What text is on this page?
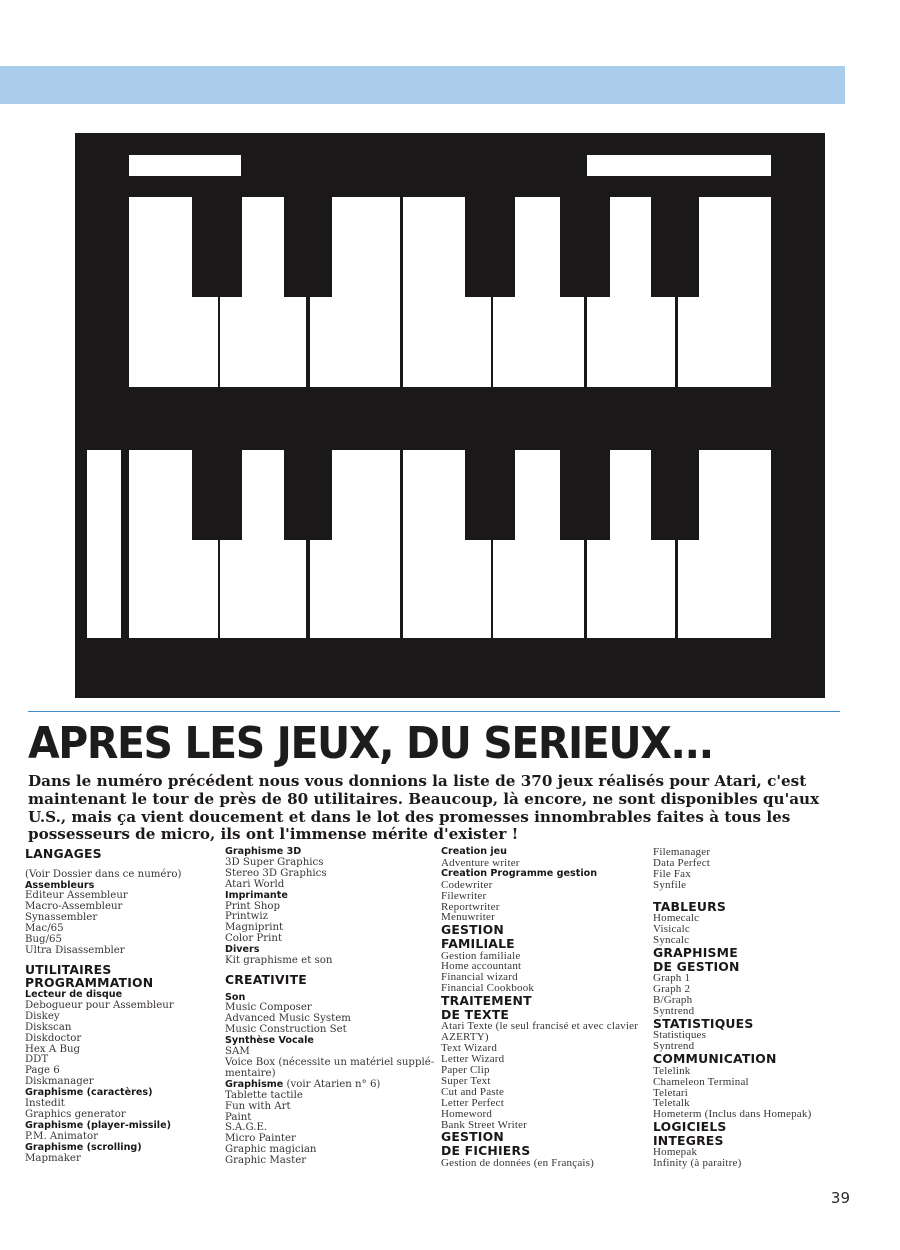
APRES LES JEUX, DU SERIEUX...
Dans le numéro précédent nous vous donnions la liste de 370 jeux réalisés pour Atari, c'est maintenant le tour de près de 80 utilitaires. Beaucoup, là encore, ne sont disponibles qu'aux U.S., mais ça vient doucement et dans le lot des promesses innombrables faites à tous les possesseurs de micro, ils ont l'immense mérite d'exister !
LANGAGES
(Voir Dossier dans ce numéro)
Assembleurs
Editeur Assembleur
Macro-Assembleur
Synassembler
Mac/65
Bug/65
Ultra Disassembler
UTILITAIRES
PROGRAMMATION
Lecteur de disque
Debogueur pour Assembleur
Diskey
Diskscan
Diskdoctor
Hex A Bug
DDT
Page 6
Diskmanager
Graphisme (caractères)
Instedit
Graphics generator
Graphisme (player-missile)
P.M. Animator
Graphisme (scrolling)
Mapmaker
Graphisme 3D
3D Super Graphics
Stereo 3D Graphics
Atari World
Imprimante
Print Shop
Printwiz
Magniprint
Color Print
Divers
Kit graphisme et son
CREATIVITE
Son
Music Composer
Advanced Music System
Music Construction Set
Synthèse Vocale
SAM
Voice Box (nécessite un matériel supplé-
mentaire)
Graphisme (voir Atarien n° 6)
Tablette tactile
Fun with Art
Paint
S.A.G.E.
Micro Painter
Graphic magician
Graphic Master
Creation jeu
Adventure writer
Creation Programme gestion
Codewriter
Filewriter
Reportwriter
Menuwriter
GESTION
FAMILIALE
Gestion familiale
Home accountant
Financial wizard
Financial Cookbook
TRAITEMENT
DE TEXTE
Atari Texte (le seul francisé et avec clavier
AZERTY)
Text Wizard
Letter Wizard
Paper Clip
Super Text
Cut and Paste
Letter Perfect
Homeword
Bank Street Writer
GESTION
DE FICHIERS
Gestion de données (en Français)
Filemanager
Data Perfect
File Fax
Synfile
TABLEURS
Homecalc
Visicalc
Syncalc
GRAPHISME
DE GESTION
Graph 1
Graph 2
B/Graph
Syntrend
STATISTIQUES
Statistiques
Syntrend
COMMUNICATION
Telelink
Chameleon Terminal
Teletari
Teletalk
Hometerm (Inclus dans Homepak)
LOGICIELS
INTEGRES
Homepak
Infinity (à paraitre)
39
